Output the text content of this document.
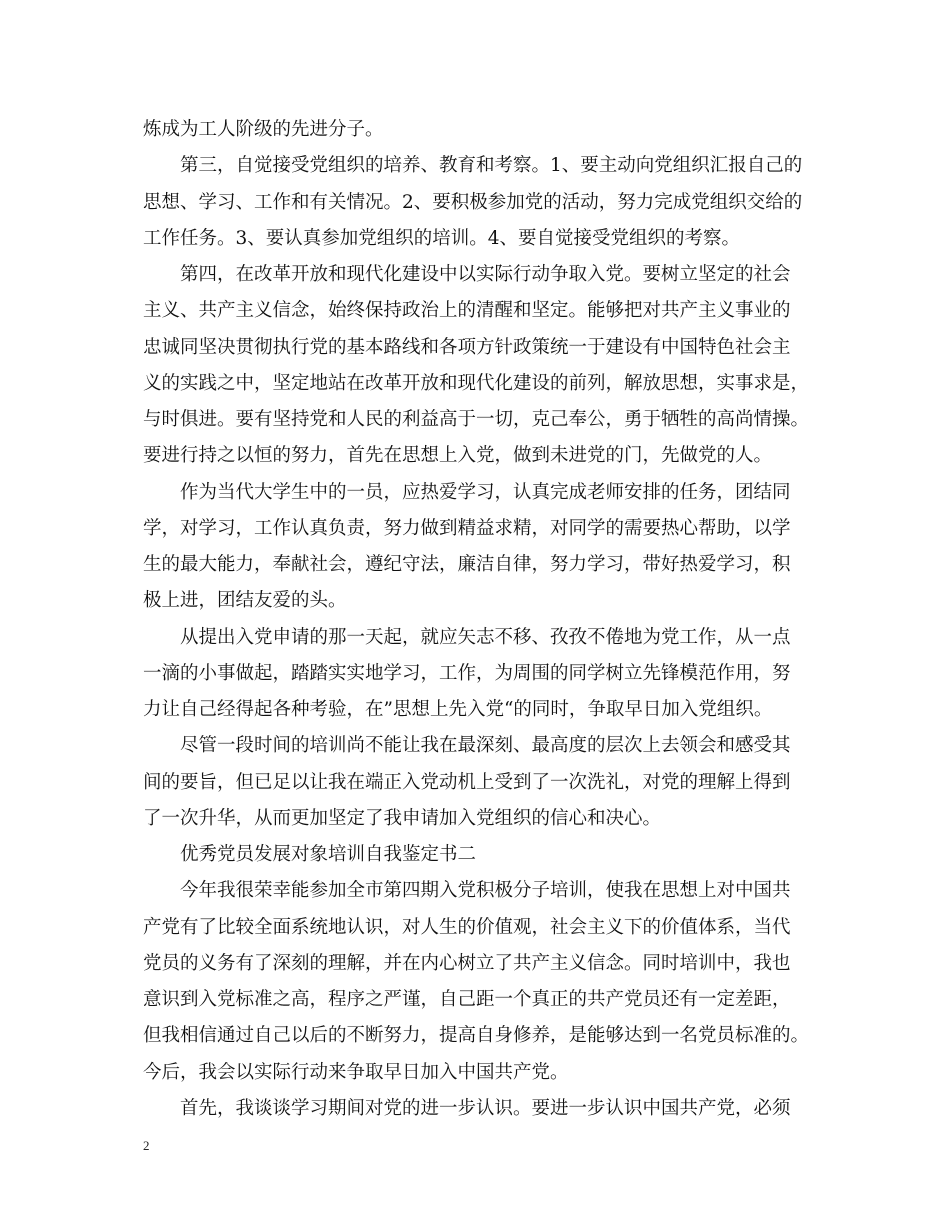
炼成为工人阶级的先进分子。
第三，自觉接受党组织的培养、教育和考察。1、要主动向党组织汇报自己的
思想、学习、工作和有关情况。2、要积极参加党的活动，努力完成党组织交给的
工作任务。3、要认真参加党组织的培训。4、要自觉接受党组织的考察。
第四，在改革开放和现代化建设中以实际行动争取入党。要树立坚定的社会
主义、共产主义信念，始终保持政治上的清醒和坚定。能够把对共产主义事业的
忠诚同坚决贯彻执行党的基本路线和各项方针政策统一于建设有中国特色社会主
义的实践之中，坚定地站在改革开放和现代化建设的前列，解放思想，实事求是，
与时俱进。要有坚持党和人民的利益高于一切，克己奉公，勇于牺牲的高尚情操。
要进行持之以恒的努力，首先在思想上入党，做到未进党的门，先做党的人。
作为当代大学生中的一员，应热爱学习，认真完成老师安排的任务，团结同
学，对学习，工作认真负责，努力做到精益求精，对同学的需要热心帮助，以学
生的最大能力，奉献社会，遵纪守法，廉洁自律，努力学习，带好热爱学习，积
极上进，团结友爱的头。
从提出入党申请的那一天起，就应矢志不移、孜孜不倦地为党工作，从一点
一滴的小事做起，踏踏实实地学习，工作，为周围的同学树立先锋模范作用，努
力让自己经得起各种考验，在”思想上先入党“的同时，争取早日加入党组织。
尽管一段时间的培训尚不能让我在最深刻、最高度的层次上去领会和感受其
间的要旨，但已足以让我在端正入党动机上受到了一次洗礼，对党的理解上得到
了一次升华，从而更加坚定了我申请加入党组织的信心和决心。
优秀党员发展对象培训自我鉴定书二
今年我很荣幸能参加全市第四期入党积极分子培训，使我在思想上对中国共
产党有了比较全面系统地认识，对人生的价值观，社会主义下的价值体系，当代
党员的义务有了深刻的理解，并在内心树立了共产主义信念。同时培训中，我也
意识到入党标准之高，程序之严谨，自己距一个真正的共产党员还有一定差距，
但我相信通过自己以后的不断努力，提高自身修养，是能够达到一名党员标准的。
今后，我会以实际行动来争取早日加入中国共产党。
首先，我谈谈学习期间对党的进一步认识。要进一步认识中国共产党，必须
2
